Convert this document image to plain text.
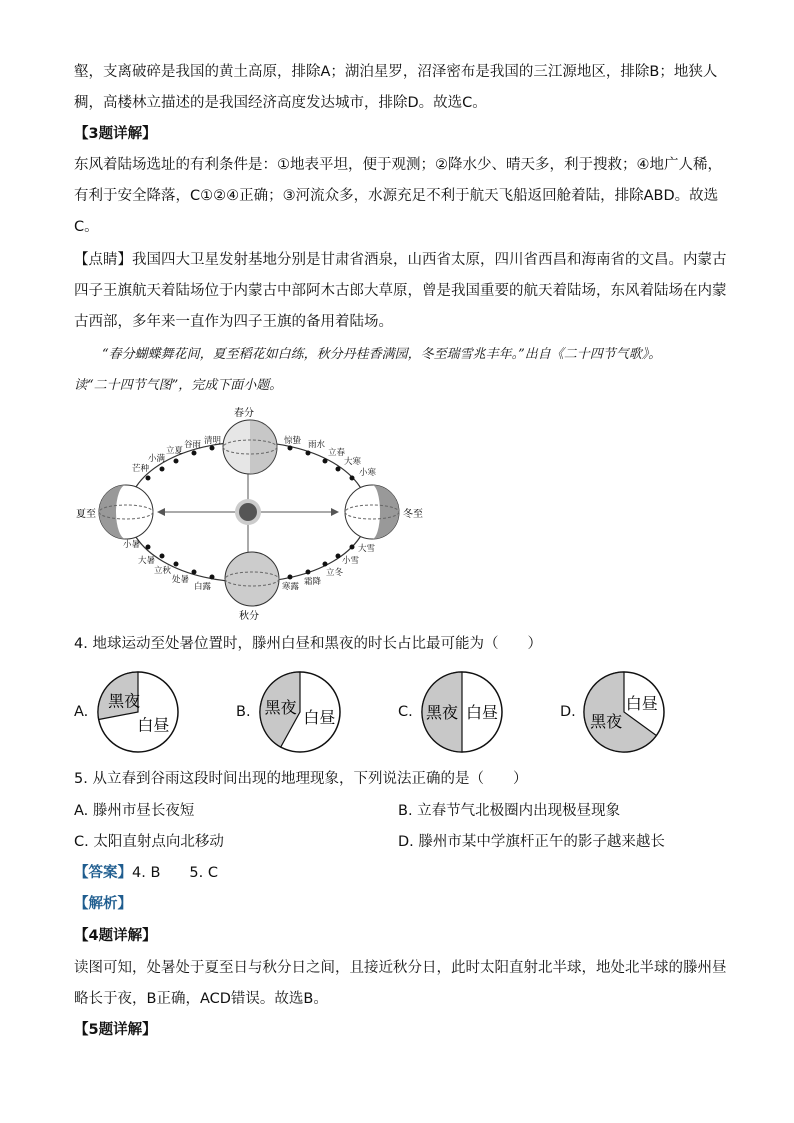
壑，支离破碎是我国的黄土高原，排除A；湖泊星罗，沼泽密布是我国的三江源地区，排除B；地狭人
稠，高楼林立描述的是我国经济高度发达城市，排除D。故选C。
【3题详解】
东风着陆场选址的有利条件是：①地表平坦，便于观测；②降水少、晴天多，利于搜救；④地广人稀，
有利于安全降落，C①②④正确；③河流众多，水源充足不利于航天飞船返回舱着陆，排除ABD。故选
C。
【点睛】我国四大卫星发射基地分别是甘肃省酒泉，山西省太原，四川省西昌和海南省的文昌。内蒙古
四子王旗航天着陆场位于内蒙古中部阿木古郎大草原，曾是我国重要的航天着陆场，东风着陆场在内蒙
古西部，多年来一直作为四子王旗的备用着陆场。
“春分蝴蝶舞花间，夏至稻花如白练，秋分丹桂香满园，冬至瑞雪兆丰年。”出自《二十四节气歌》。
读“二十四节气图”，完成下面小题。
春分
夏至
秋分
冬至
惊蛰 雨水
立春
大寒
小寒
大雪
小雪
立冬
霜降
寒露
白露
处暑
立秋
大暑
小暑
芒种
小满
立夏
谷雨 清明
4. 地球运动至处暑位置时，滕州白昼和黑夜的时长占比最可能为（　　）
A.
黑夜
白昼
B. 黑夜
白昼	C. 黑夜 白昼	D.
黑夜
白昼
5. 从立春到谷雨这段时间出现的地理现象，下列说法正确的是（　　）
A. 滕州市昼长夜短	B. 立春节气北极圈内出现极昼现象
C. 太阳直射点向北移动	D. 滕州市某中学旗杆正午的影子越来越长
【答案】4. B　　5. C
【解析】
【4题详解】
读图可知，处暑处于夏至日与秋分日之间，且接近秋分日，此时太阳直射北半球，地处北半球的滕州昼
略长于夜，B正确，ACD错误。故选B。
【5题详解】
